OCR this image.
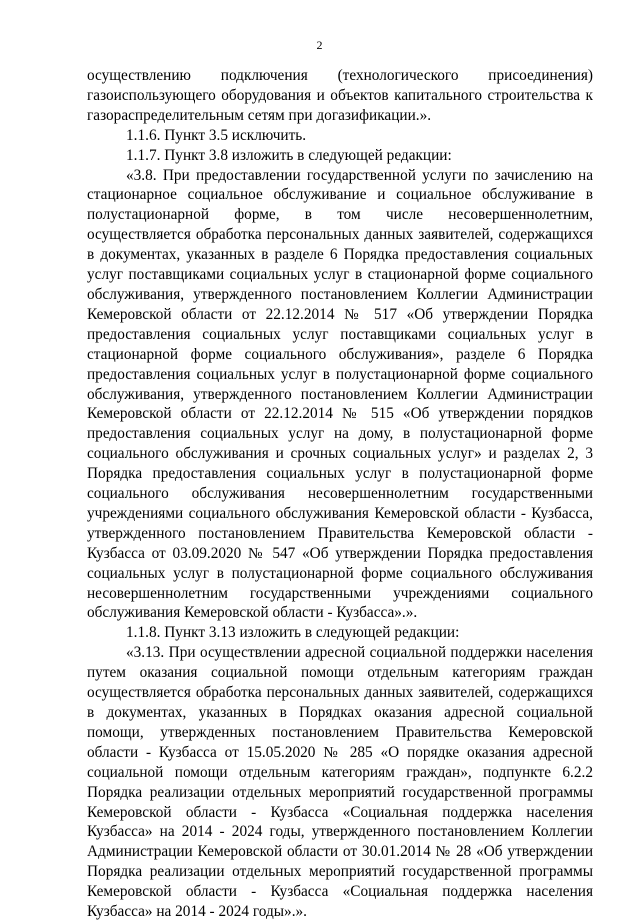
2

осуществлению подключения (технологического присоединения) газоиспользующего оборудования и объектов капитального строительства к газораспределительным сетям при догазификации.».

1.1.6. Пункт 3.5 исключить.

1.1.7. Пункт 3.8 изложить в следующей редакции:

«3.8. При предоставлении государственной услуги по зачислению на стационарное социальное обслуживание и социальное обслуживание в полустационарной форме, в том числе несовершеннолетним, осуществляется обработка персональных данных заявителей, содержащихся в документах, указанных в разделе 6 Порядка предоставления социальных услуг поставщиками социальных услуг в стационарной форме социального обслуживания, утвержденного постановлением Коллегии Администрации Кемеровской области от 22.12.2014 № 517 «Об утверждении Порядка предоставления социальных услуг поставщиками социальных услуг в стационарной форме социального обслуживания», разделе 6 Порядка предоставления социальных услуг в полустационарной форме социального обслуживания, утвержденного постановлением Коллегии Администрации Кемеровской области от 22.12.2014 № 515 «Об утверждении порядков предоставления социальных услуг на дому, в полустационарной форме социального обслуживания и срочных социальных услуг» и разделах 2, 3 Порядка предоставления социальных услуг в полустационарной форме социального обслуживания несовершеннолетним государственными учреждениями социального обслуживания Кемеровской области - Кузбасса, утвержденного постановлением Правительства Кемеровской области - Кузбасса от 03.09.2020 № 547 «Об утверждении Порядка предоставления социальных услуг в полустационарной форме социального обслуживания несовершеннолетним государственными учреждениями социального обслуживания Кемеровской области - Кузбасса».».

1.1.8. Пункт 3.13 изложить в следующей редакции:

«3.13. При осуществлении адресной социальной поддержки населения путем оказания социальной помощи отдельным категориям граждан осуществляется обработка персональных данных заявителей, содержащихся в документах, указанных в Порядках оказания адресной социальной помощи, утвержденных постановлением Правительства Кемеровской области - Кузбасса от 15.05.2020 № 285 «О порядке оказания адресной социальной помощи отдельным категориям граждан», подпункте 6.2.2 Порядка реализации отдельных мероприятий государственной программы Кемеровской области - Кузбасса «Социальная поддержка населения Кузбасса» на 2014 - 2024 годы, утвержденного постановлением Коллегии Администрации Кемеровской области от 30.01.2014 № 28 «Об утверждении Порядка реализации отдельных мероприятий государственной программы Кемеровской области - Кузбасса «Социальная поддержка населения Кузбасса» на 2014 - 2024 годы».».
